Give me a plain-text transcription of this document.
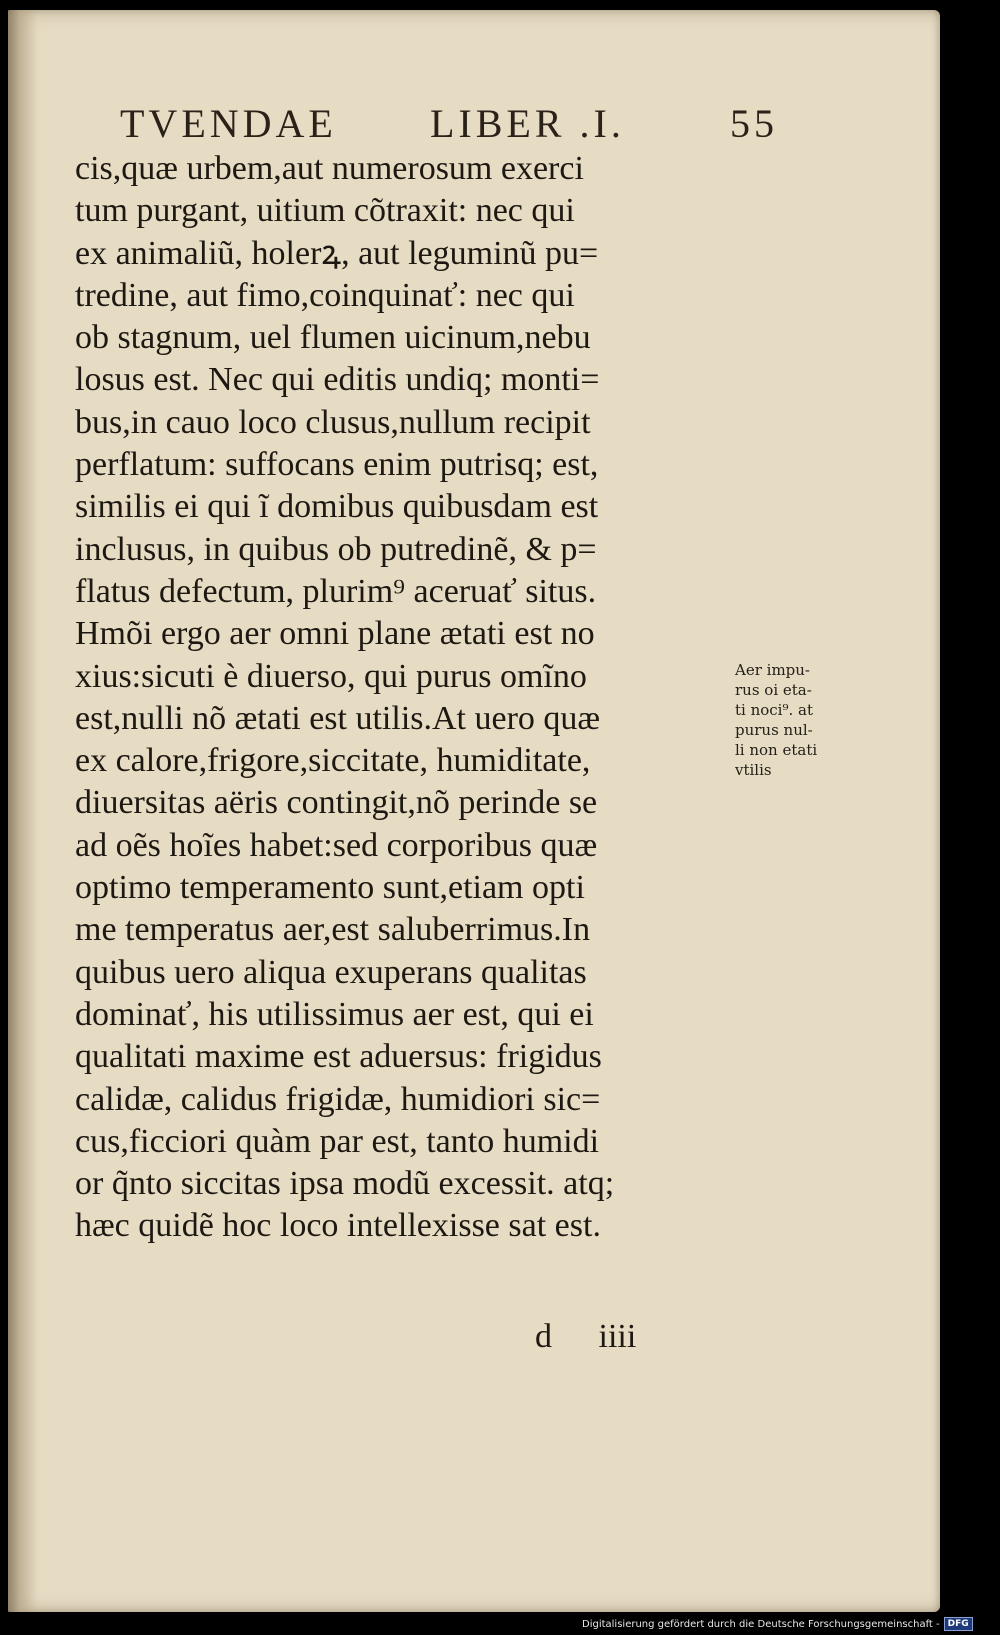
TVENDAE LIBER .I.	55
cis,quæ urbem,aut numerosum exerci
tum purgant, uitium cõtraxit: nec qui
ex animaliũ, holerꝝ, aut leguminũ pu=
tredine, aut fimo,coinquinať: nec qui
ob stagnum, uel flumen uicinum,nebu
losus est. Nec qui editis undiq; monti=
bus,in cauo loco clusus,nullum recipit
perflatum: suffocans enim putrisq; est,
similis ei qui ĩ domibus quibusdam est
inclusus, in quibus ob putredinẽ, & p=
flatus defectum, plurim⁹ aceruať situs.
Hmõi ergo aer omni plane ætati est no
xius:sicuti è diuerso, qui purus omĩno
est,nulli nõ ætati est utilis.At uero quæ
ex calore,frigore,siccitate, humiditate,
diuersitas aëris contingit,nõ perinde se
ad oẽs hoĩes habet:sed corporibus quæ
optimo temperamento sunt,etiam opti
me temperatus aer,est saluberrimus.In
quibus uero aliqua exuperans qualitas
dominať, his utilissimus aer est, qui ei
qualitati maxime est aduersus: frigidus
calidæ, calidus frigidæ, humidiori sic=
cus,ficciori quàm par est, tanto humidi
or q̃nto siccitas ipsa modũ excessit. atq;
hæc quidẽ hoc loco intellexisse sat est.
Aer impu-
rus oi eta-
ti noci⁹. at
purus nul-
li non etati
vtilis
d iiii
Digitalisierung gefördert durch die Deutsche Forschungsgemeinschaft - DFG
